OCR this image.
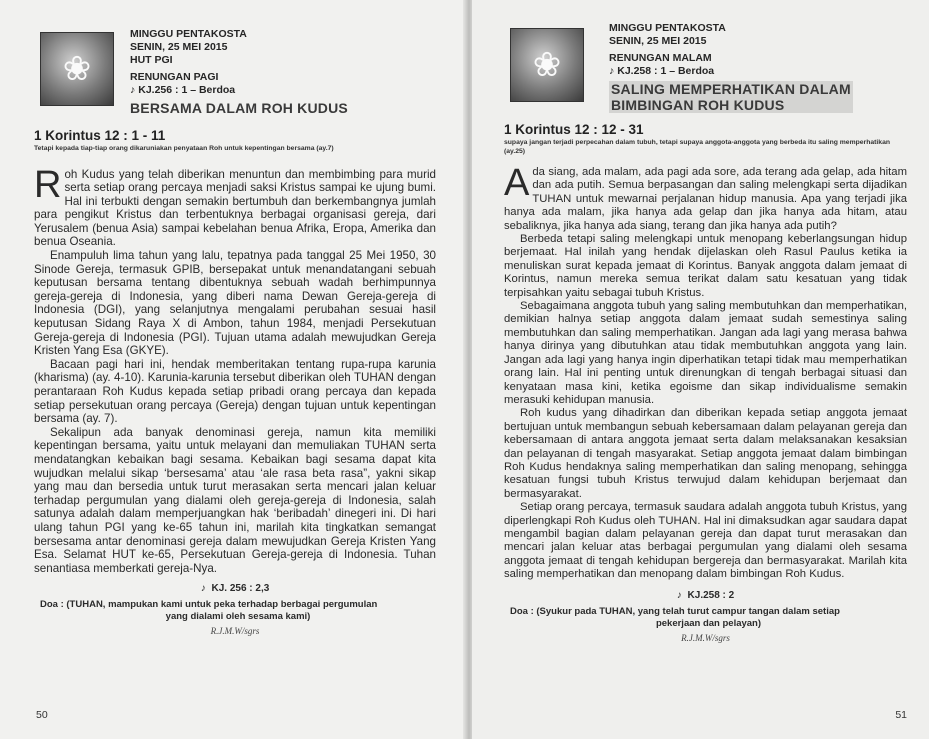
❀
MINGGU PENTAKOSTA
SENIN, 25 MEI 2015
HUT PGI
RENUNGAN PAGI
♪ KJ.256 : 1 – Berdoa
BERSAMA DALAM ROH KUDUS
1 Korintus 12 : 1 - 11
Tetapi kepada tiap-tiap orang dikaruniakan penyataan Roh untuk kepentingan bersama (ay.7)

Roh Kudus yang telah diberikan menuntun dan membimbing para murid serta setiap orang percaya menjadi saksi Kristus sampai ke ujung bumi. Hal ini terbukti dengan semakin bertumbuh dan berkembangnya jumlah para pengikut Kristus dan terbentuknya berbagai organisasi gereja, dari Yerusalem (benua Asia) sampai kebelahan benua Afrika, Eropa, Amerika dan benua Oseania.

Enampuluh lima tahun yang lalu, tepatnya pada tanggal 25 Mei 1950, 30 Sinode Gereja, termasuk GPIB, bersepakat untuk menandatangani sebuah keputusan bersama tentang dibentuknya sebuah wadah berhimpunnya gereja-gereja di Indonesia, yang diberi nama Dewan Gereja-gereja di Indonesia (DGI), yang selanjutnya mengalami perubahan sesuai hasil keputusan Sidang Raya X di Ambon, tahun 1984, menjadi Persekutuan Gereja-gereja di Indonesia (PGI). Tujuan utama adalah mewujudkan Gereja Kristen Yang Esa (GKYE).

Bacaan pagi hari ini, hendak memberitakan tentang rupa-rupa karunia (kharisma) (ay. 4-10). Karunia-karunia tersebut diberikan oleh TUHAN dengan perantaraan Roh Kudus kepada setiap pribadi orang percaya dan kepada setiap persekutuan orang percaya (Gereja) dengan tujuan untuk kepentingan bersama (ay. 7).

Sekalipun ada banyak denominasi gereja, namun kita memiliki kepentingan bersama, yaitu untuk melayani dan memuliakan TUHAN serta mendatangkan kebaikan bagi sesama. Kebaikan bagi sesama dapat kita wujudkan melalui sikap ‘bersesama’ atau ‘ale rasa beta rasa”, yakni sikap yang mau dan bersedia untuk turut merasakan serta mencari jalan keluar terhadap pergumulan yang dialami oleh gereja-gereja di Indonesia, salah satunya adalah dalam memperjuangkan hak ‘beribadah’ dinegeri ini. Di hari ulang tahun PGI yang ke-65 tahun ini, marilah kita tingkatkan semangat bersesama antar denominasi gereja dalam mewujudkan Gereja Kristen Yang Esa. Selamat HUT ke-65, Persekutuan Gereja-gereja di Indonesia. Tuhan senantiasa memberkati gereja-Nya.

♪ KJ. 256 : 2,3
Doa : (TUHAN, mampukan kami untuk peka terhadap berbagai pergumulan
yang dialami oleh sesama kami)
R.J.M.W/sgrs
50
❀
MINGGU PENTAKOSTA
SENIN, 25 MEI 2015
RENUNGAN MALAM
♪ KJ.258 : 1 – Berdoa
SALING MEMPERHATIKAN DALAM
BIMBINGAN ROH KUDUS
1 Korintus 12 : 12 - 31
supaya jangan terjadi perpecahan dalam tubuh, tetapi supaya anggota-anggota yang berbeda itu saling memperhatikan (ay.25)

Ada siang, ada malam, ada pagi ada sore, ada terang ada gelap, ada hitam dan ada putih. Semua berpasangan dan saling melengkapi serta dijadikan TUHAN untuk mewarnai perjalanan hidup manusia. Apa yang terjadi jika hanya ada malam, jika hanya ada gelap dan jika hanya ada hitam, atau sebaliknya, jika hanya ada siang, terang dan jika hanya ada putih?

Berbeda tetapi saling melengkapi untuk menopang keberlangsungan hidup berjemaat. Hal inilah yang hendak dijelaskan oleh Rasul Paulus ketika ia menuliskan surat kepada jemaat di Korintus. Banyak anggota dalam jemaat di Korintus, namun mereka semua terikat dalam satu kesatuan yang tidak terpisahkan yaitu sebagai tubuh Kristus.

Sebagaimana anggota tubuh yang saling membutuhkan dan memperhatikan, demikian halnya setiap anggota dalam jemaat sudah semestinya saling membutuhkan dan saling memperhatikan. Jangan ada lagi yang merasa bahwa hanya dirinya yang dibutuhkan atau tidak membutuhkan anggota yang lain. Jangan ada lagi yang hanya ingin diperhatikan tetapi tidak mau memperhatikan orang lain. Hal ini penting untuk direnungkan di tengah berbagai situasi dan kenyataan masa kini, ketika egoisme dan sikap individualisme semakin merasuki kehidupan manusia.

Roh kudus yang dihadirkan dan diberikan kepada setiap anggota jemaat bertujuan untuk membangun sebuah kebersamaan dalam pelayanan gereja dan kebersamaan di antara anggota jemaat serta dalam melaksanakan kesaksian dan pelayanan di tengah masyarakat. Setiap anggota jemaat dalam bimbingan Roh Kudus hendaknya saling memperhatikan dan saling menopang, sehingga kesatuan fungsi tubuh Kristus terwujud dalam kehidupan berjemaat dan bermasyarakat.

Setiap orang percaya, termasuk saudara adalah anggota tubuh Kristus, yang diperlengkapi Roh Kudus oleh TUHAN. Hal ini dimaksudkan agar saudara dapat mengambil bagian dalam pelayanan gereja dan dapat turut merasakan dan mencari jalan keluar atas berbagai pergumulan yang dialami oleh sesama anggota jemaat di tengah kehidupan bergereja dan bermasyarakat. Marilah kita saling memperhatikan dan menopang dalam bimbingan Roh Kudus.

♪ KJ.258 : 2
Doa : (Syukur pada TUHAN, yang telah turut campur tangan dalam setiap
pekerjaan dan pelayan)
R.J.M.W/sgrs
51
